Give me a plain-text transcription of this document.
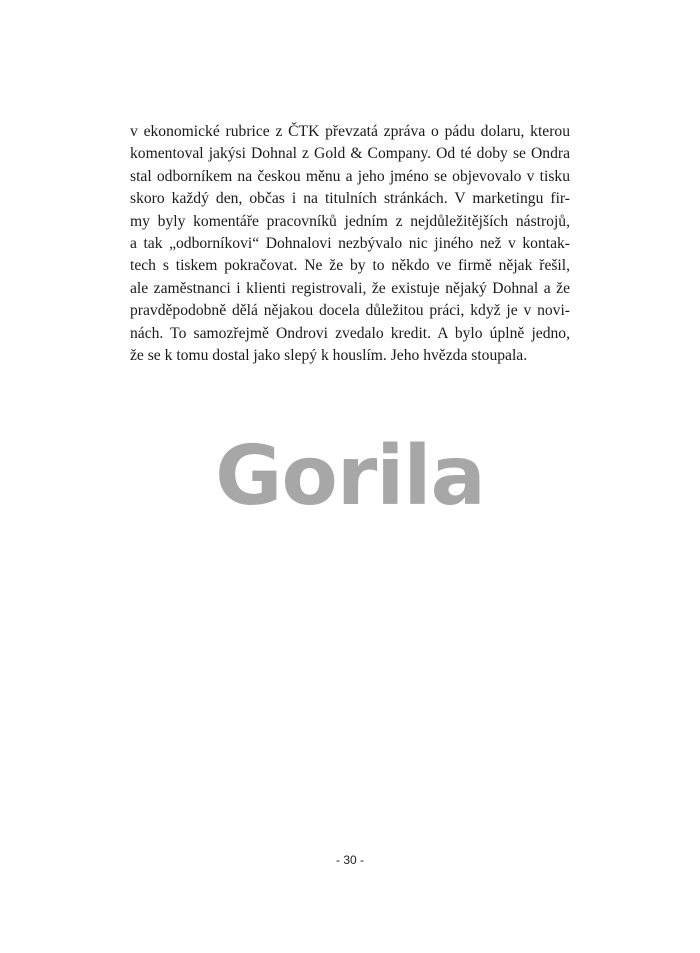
v ekonomické rubrice z ČTK převzatá zpráva o pádu dolaru, kterou
komentoval jakýsi Dohnal z Gold & Company. Od té doby se Ondra
stal odborníkem na českou měnu a jeho jméno se objevovalo v tisku
skoro každý den, občas i na titulních stránkách. V marketingu fir-
my byly komentáře pracovníků jedním z nejdůležitějších nástrojů,
a tak „odborníkovi“ Dohnalovi nezbývalo nic jiného než v kontak-
tech s tiskem pokračovat. Ne že by to někdo ve firmě nějak řešil,
ale zaměstnanci i klienti registrovali, že existuje nějaký Dohnal a že
pravděpodobně dělá nějakou docela důležitou práci, když je v novi-
nách. To samozřejmě Ondrovi zvedalo kredit. A bylo úplně jedno,
že se k tomu dostal jako slepý k houslím. Jeho hvězda stoupala.
Gorila
- 30 -
